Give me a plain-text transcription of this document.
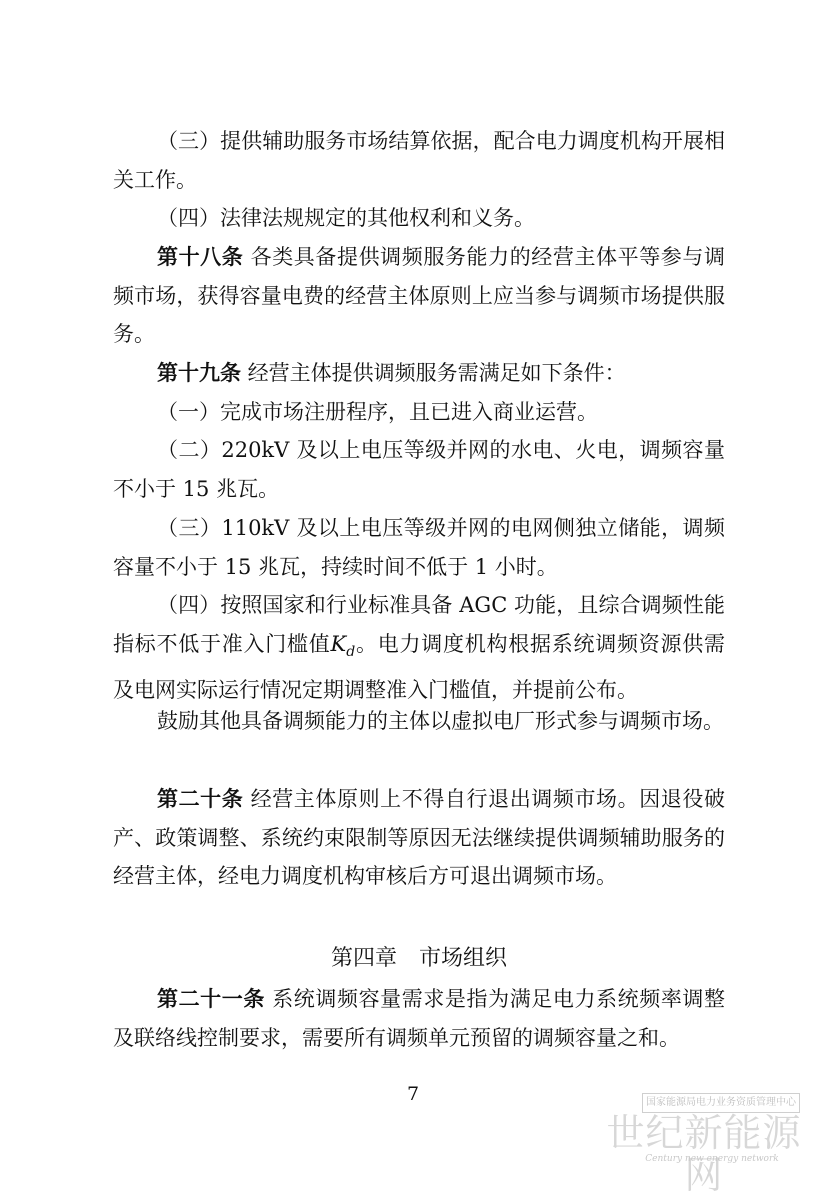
（三）提供辅助服务市场结算依据，配合电力调度机构开展相关工作。

（四）法律法规规定的其他权利和义务。

第十八条 各类具备提供调频服务能力的经营主体平等参与调频市场，获得容量电费的经营主体原则上应当参与调频市场提供服务。

第十九条 经营主体提供调频服务需满足如下条件：

（一）完成市场注册程序，且已进入商业运营。

（二）220kV 及以上电压等级并网的水电、火电，调频容量不小于 15 兆瓦。

（三）110kV 及以上电压等级并网的电网侧独立储能，调频容量不小于 15 兆瓦，持续时间不低于 1 小时。

（四）按照国家和行业标准具备 AGC 功能，且综合调频性能指标不低于准入门槛值$K_d$。电力调度机构根据系统调频资源供需及电网实际运行情况定期调整准入门槛值，并提前公布。

鼓励其他具备调频能力的主体以虚拟电厂形式参与调频市场。

第二十条 经营主体原则上不得自行退出调频市场。因退役破产、政策调整、系统约束限制等原因无法继续提供调频辅助服务的经营主体，经电力调度机构审核后方可退出调频市场。

第四章　市场组织

第二十一条 系统调频容量需求是指为满足电力系统频率调整及联络线控制要求，需要所有调频单元预留的调频容量之和。

7	国家能源局电力业务资质管理中心
世纪新能源网
Century new energy network
